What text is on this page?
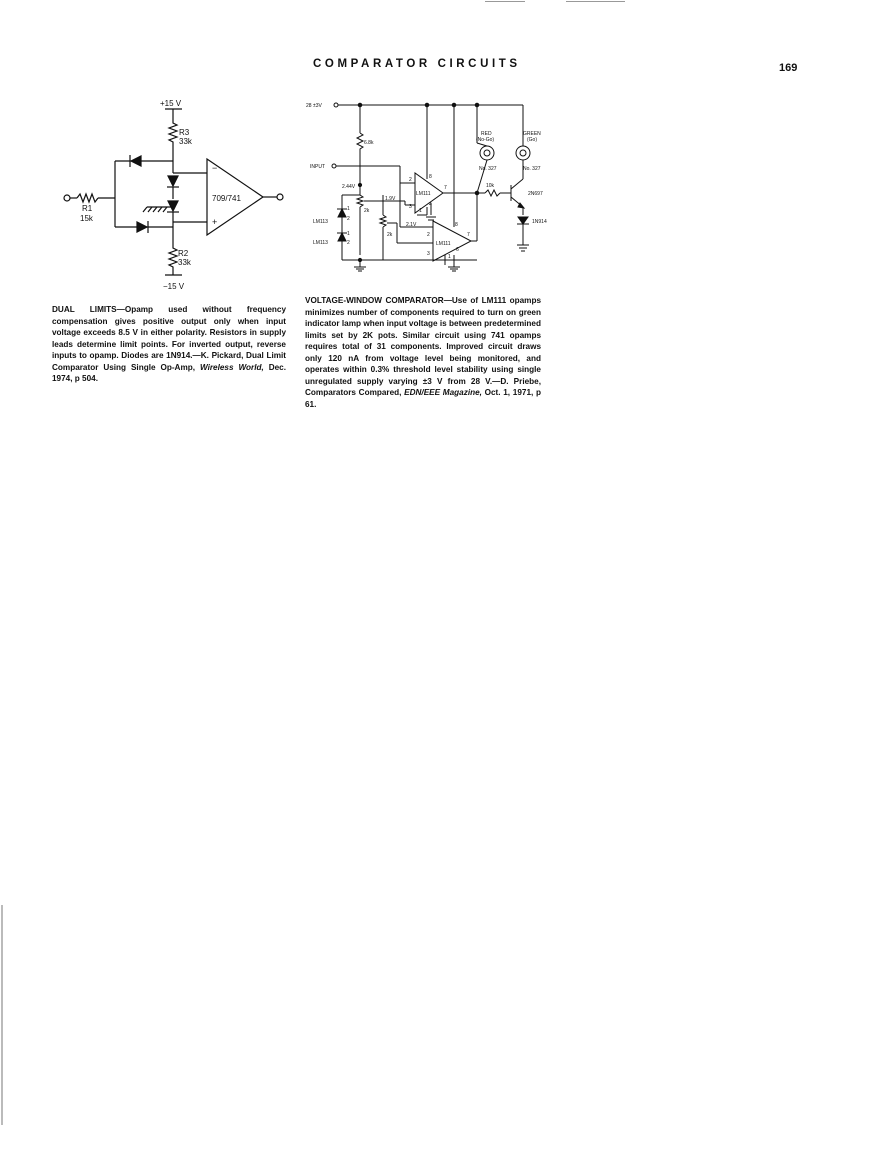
COMPARATOR CIRCUITS	169
+15 V
R3
33k
R1
15k
−
+
709/741
R2
33k
−15 V
DUAL LIMITS—Opamp used without frequency compensation gives positive output only when input voltage exceeds 8.5 V in either polarity. Resistors in supply leads determine limit points. For inverted output, reverse inputs to opamp. Diodes are 1N914.—K. Pickard, Dual Limit Comparator Using Single Op-Amp, Wireless World, Dec. 1974, p 504.
28 ±3V
6.8k
INPUT
2.44V
2k
1.9V
2.1V
2k
LM113
LM113
1
2
1
2
LM111
2
3
8
7
4
1
LM111
2
3
8
7
6
1
RED
(No-Go)
No. 327
GREEN
(Go)
No. 327
10k
2N697
1N914
VOLTAGE-WINDOW COMPARATOR—Use of LM111 opamps minimizes number of components required to turn on green indicator lamp when input voltage is between predetermined limits set by 2K pots. Similar circuit using 741 opamps requires total of 31 components. Improved circuit draws only 120 nA from voltage level being monitored, and operates within 0.3% threshold level stability using single unregulated supply varying ±3 V from 28 V.—D. Priebe, Comparators Compared, EDN/EEE Magazine, Oct. 1, 1971, p 61.
